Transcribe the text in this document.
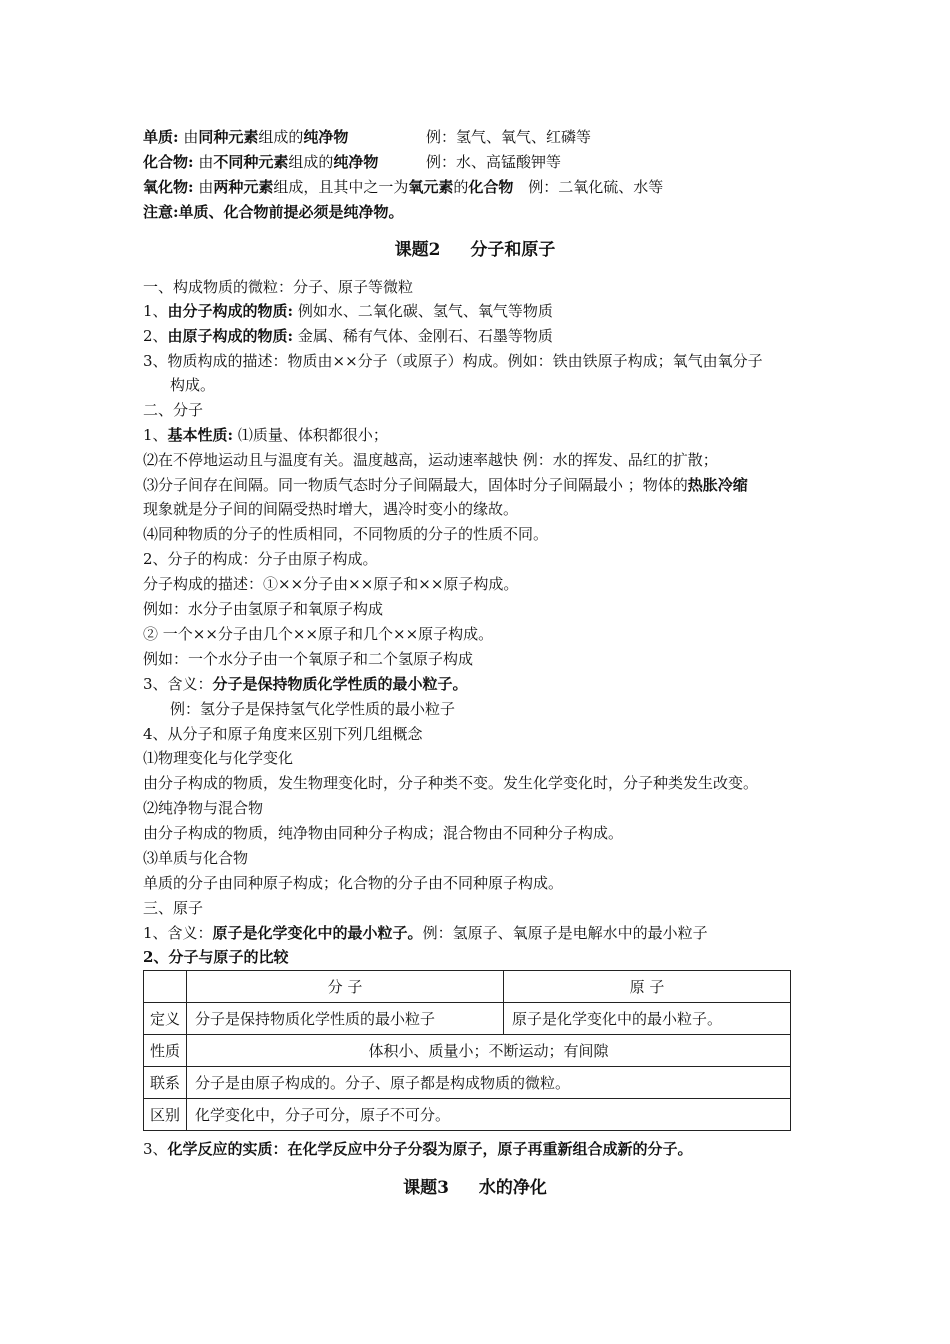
单质: 由同种元素组成的纯净物	例：氢气、氧气、红磷等
化合物: 由不同种元素组成的纯净物	例：水、高锰酸钾等
氧化物: 由两种元素组成，且其中之一为氧元素的化合物 例：二氧化硫、水等
注意:单质、化合物前提必须是纯净物。
课题2 分子和原子
一、构成物质的微粒：分子、原子等微粒
1、由分子构成的物质: 例如水、二氧化碳、氢气、氧气等物质
2、由原子构成的物质: 金属、稀有气体、金刚石、石墨等物质
3、物质构成的描述：物质由××分子（或原子）构成。例如：铁由铁原子构成；氧气由氧分子
构成。
二、分子
1、基本性质: ⑴质量、体积都很小；
⑵在不停地运动且与温度有关。温度越高，运动速率越快 例：水的挥发、品红的扩散；
⑶分子间存在间隔。同一物质气态时分子间隔最大，固体时分子间隔最小 ；物体的热胀冷缩
现象就是分子间的间隔受热时增大，遇冷时变小的缘故。
⑷同种物质的分子的性质相同，不同物质的分子的性质不同。
2、分子的构成：分子由原子构成。
分子构成的描述：①××分子由××原子和××原子构成。
例如：水分子由氢原子和氧原子构成
② 一个××分子由几个××原子和几个××原子构成。
例如：一个水分子由一个氧原子和二个氢原子构成
3、含义：分子是保持物质化学性质的最小粒子。
例：氢分子是保持氢气化学性质的最小粒子
4、从分子和原子角度来区别下列几组概念
⑴物理变化与化学变化
由分子构成的物质，发生物理变化时，分子种类不变。发生化学变化时，分子种类发生改变。
⑵纯净物与混合物
由分子构成的物质，纯净物由同种分子构成；混合物由不同种分子构成。
⑶单质与化合物
单质的分子由同种原子构成；化合物的分子由不同种原子构成。
三、原子
1、含义：原子是化学变化中的最小粒子。例：氢原子、氧原子是电解水中的最小粒子
2、分子与原子的比较
	分 子	原 子
定义	分子是保持物质化学性质的最小粒子	原子是化学变化中的最小粒子。
性质	体积小、质量小；不断运动；有间隙	
联系	分子是由原子构成的。分子、原子都是构成物质的微粒。	
区别	化学变化中，分子可分，原子不可分。	
3、化学反应的实质：在化学反应中分子分裂为原子，原子再重新组合成新的分子。
课题3 水的净化
